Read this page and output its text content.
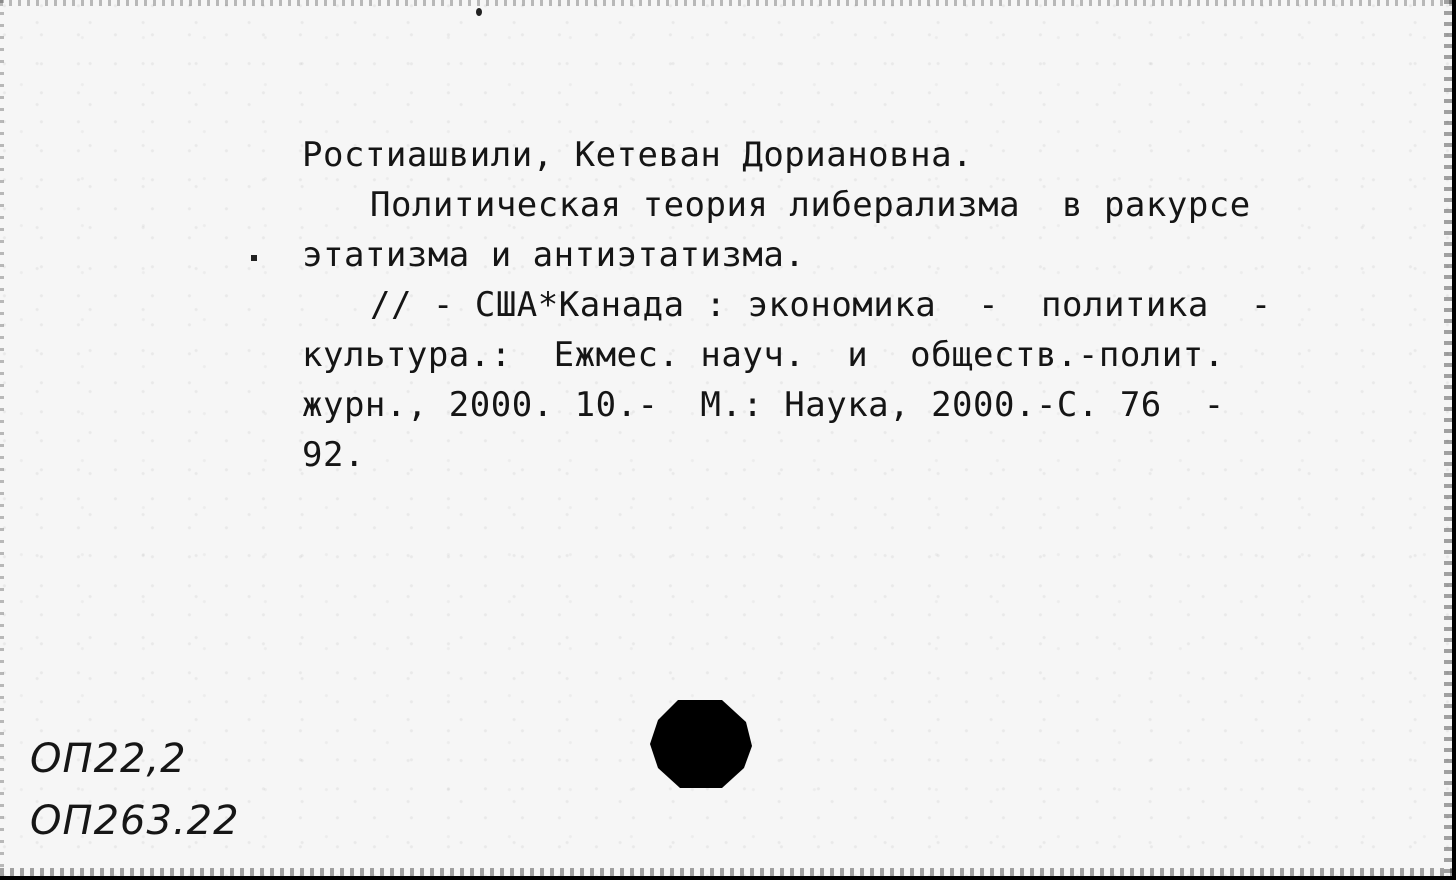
Ростиашвили, Кетеван Дориановна.
Политическая теория либерализма  в ракурсе
этатизма и антиэтатизма.
// - США*Канада : экономика  -  политика  -
культура.:  Ежмес. науч.  и  обществ.-полит.
журн., 2000. 10.-  М.: Наука, 2000.-С. 76  -
92.
ОП22,2
ОП263.22
